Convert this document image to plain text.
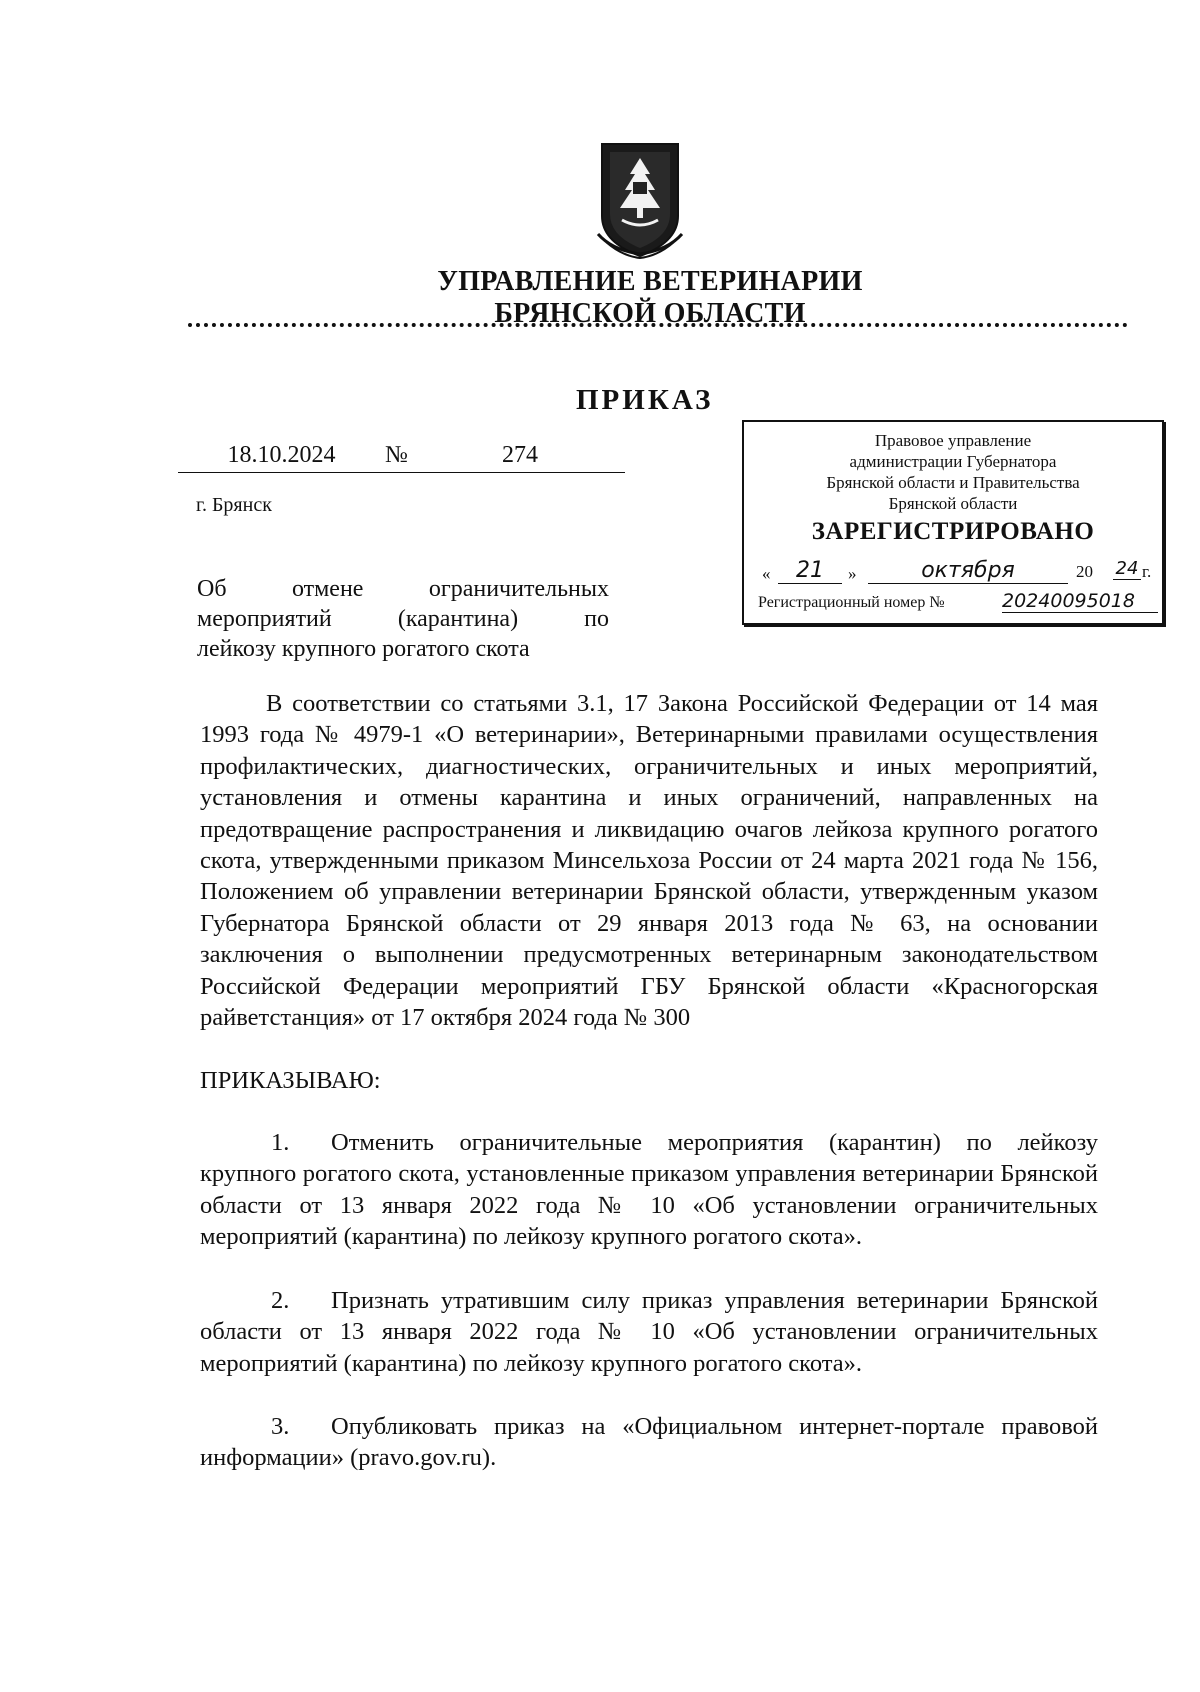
УПРАВЛЕНИЕ ВЕТЕРИНАРИИ
БРЯНСКОЙ ОБЛАСТИ
ПРИКАЗ
18.10.2024	№	274
г. Брянск
Об отмене ограничительных
мероприятий (карантина) по
лейкозу крупного рогатого скота
Правовое управление
администрации Губернатора
Брянской области и Правительства
Брянской области
ЗАРЕГИСТРИРОВАНО
«	21	»	октября	20 24 г.
Регистрационный номер №	20240095018

В соответствии со статьями 3.1, 17 Закона Российской Федерации от 14 мая 1993 года № 4979-1 «О ветеринарии», Ветеринарными правилами осуществления профилактических, диагностических, ограничительных и иных мероприятий, установления и отмены карантина и иных ограничений, направленных на предотвращение распространения и ликвидацию очагов лейкоза крупного рогатого скота, утвержденными приказом Минсельхоза России от 24 марта 2021 года № 156, Положением об управлении ветеринарии Брянской области, утвержденным указом Губернатора Брянской области от 29 января 2013 года № 63, на основании заключения о выполнении предусмотренных ветеринарным законодательством Российской Федерации мероприятий ГБУ Брянской области «Красногорская райветстанция» от 17 октября 2024 года № 300

ПРИКАЗЫВАЮ:

1. Отменить ограничительные мероприятия (карантин) по лейкозу крупного рогатого скота, установленные приказом управления ветеринарии Брянской области от 13 января 2022 года № 10 «Об установлении ограничительных мероприятий (карантина) по лейкозу крупного рогатого скота».

2. Признать утратившим силу приказ управления ветеринарии Брянской области от 13 января 2022 года № 10 «Об установлении ограничительных мероприятий (карантина) по лейкозу крупного рогатого скота».

3. Опубликовать приказ на «Официальном интернет-портале правовой информации» (pravo.gov.ru).
